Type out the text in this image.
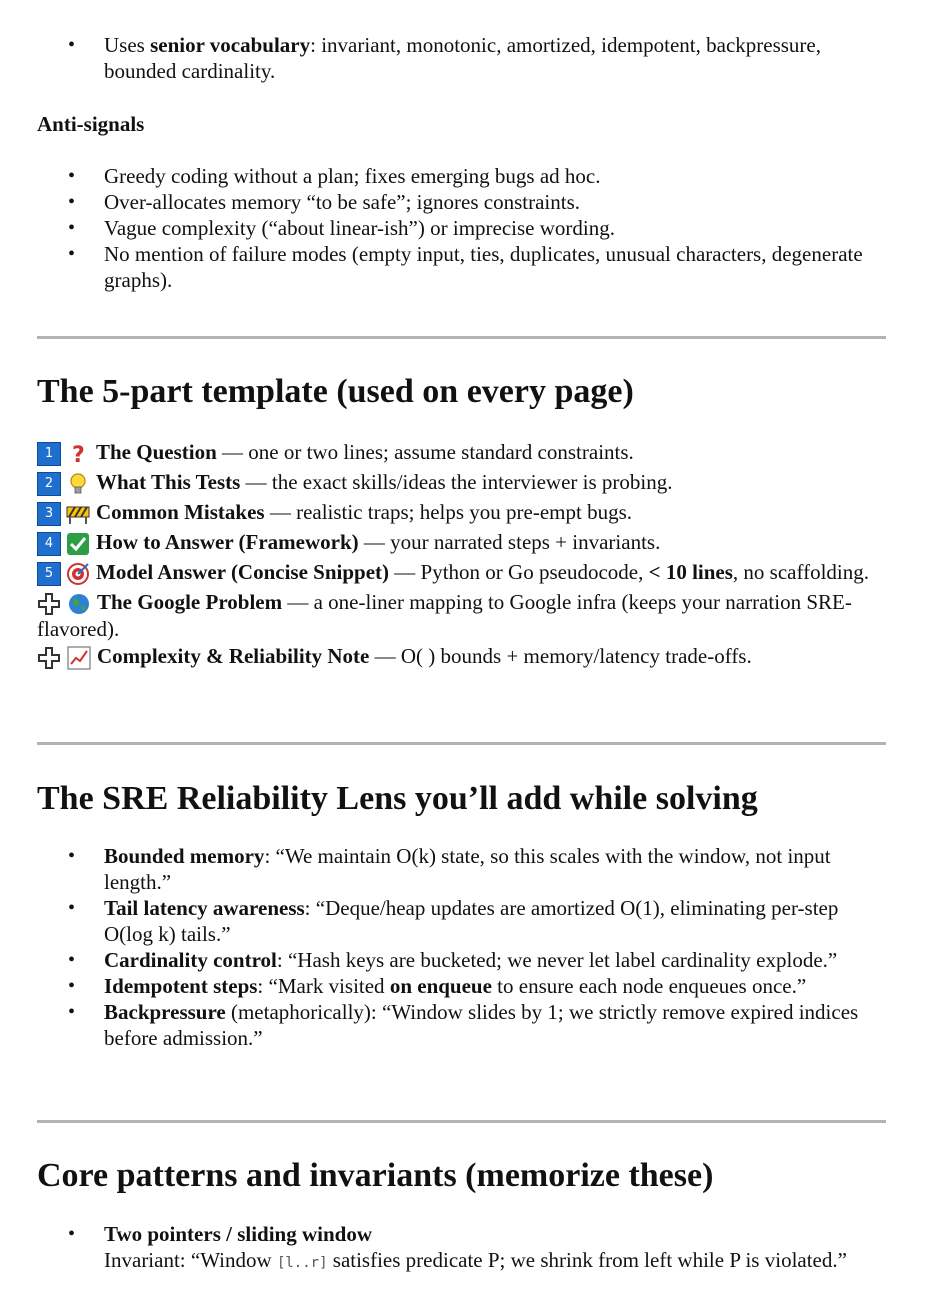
• Uses senior vocabulary: invariant, monotonic, amortized, idempotent, backpressure, bounded cardinality.
Anti-signals
• Greedy coding without a plan; fixes emerging bugs ad hoc.
• Over-allocates memory “to be safe”; ignores constraints.
• Vague complexity (“about linear-ish”) or imprecise wording.
• No mention of failure modes (empty input, ties, duplicates, unusual characters, degenerate graphs).
The 5-part template (used on every page)
1 ? The Question — one or two lines; assume standard constraints.
2 What This Tests — the exact skills/ideas the interviewer is probing.
3 Common Mistakes — realistic traps; helps you pre-empt bugs.
4 How to Answer (Framework) — your narrated steps + invariants.
5 Model Answer (Concise Snippet) — Python or Go pseudocode, < 10 lines, no scaffolding.
The Google Problem — a one-liner mapping to Google infra (keeps your narration SRE-flavored).
Complexity & Reliability Note — O( ) bounds + memory/latency trade-offs.
The SRE Reliability Lens you’ll add while solving
• Bounded memory: “We maintain O(k) state, so this scales with the window, not input length.”
• Tail latency awareness: “Deque/heap updates are amortized O(1), eliminating per-step O(log k) tails.”
• Cardinality control: “Hash keys are bucketed; we never let label cardinality explode.”
• Idempotent steps: “Mark visited on enqueue to ensure each node enqueues once.”
• Backpressure (metaphorically): “Window slides by 1; we strictly remove expired indices before admission.”
Core patterns and invariants (memorize these)
• Two pointers / sliding window
Invariant: “Window [l..r] satisfies predicate P; we shrink from left while P is violated.”
